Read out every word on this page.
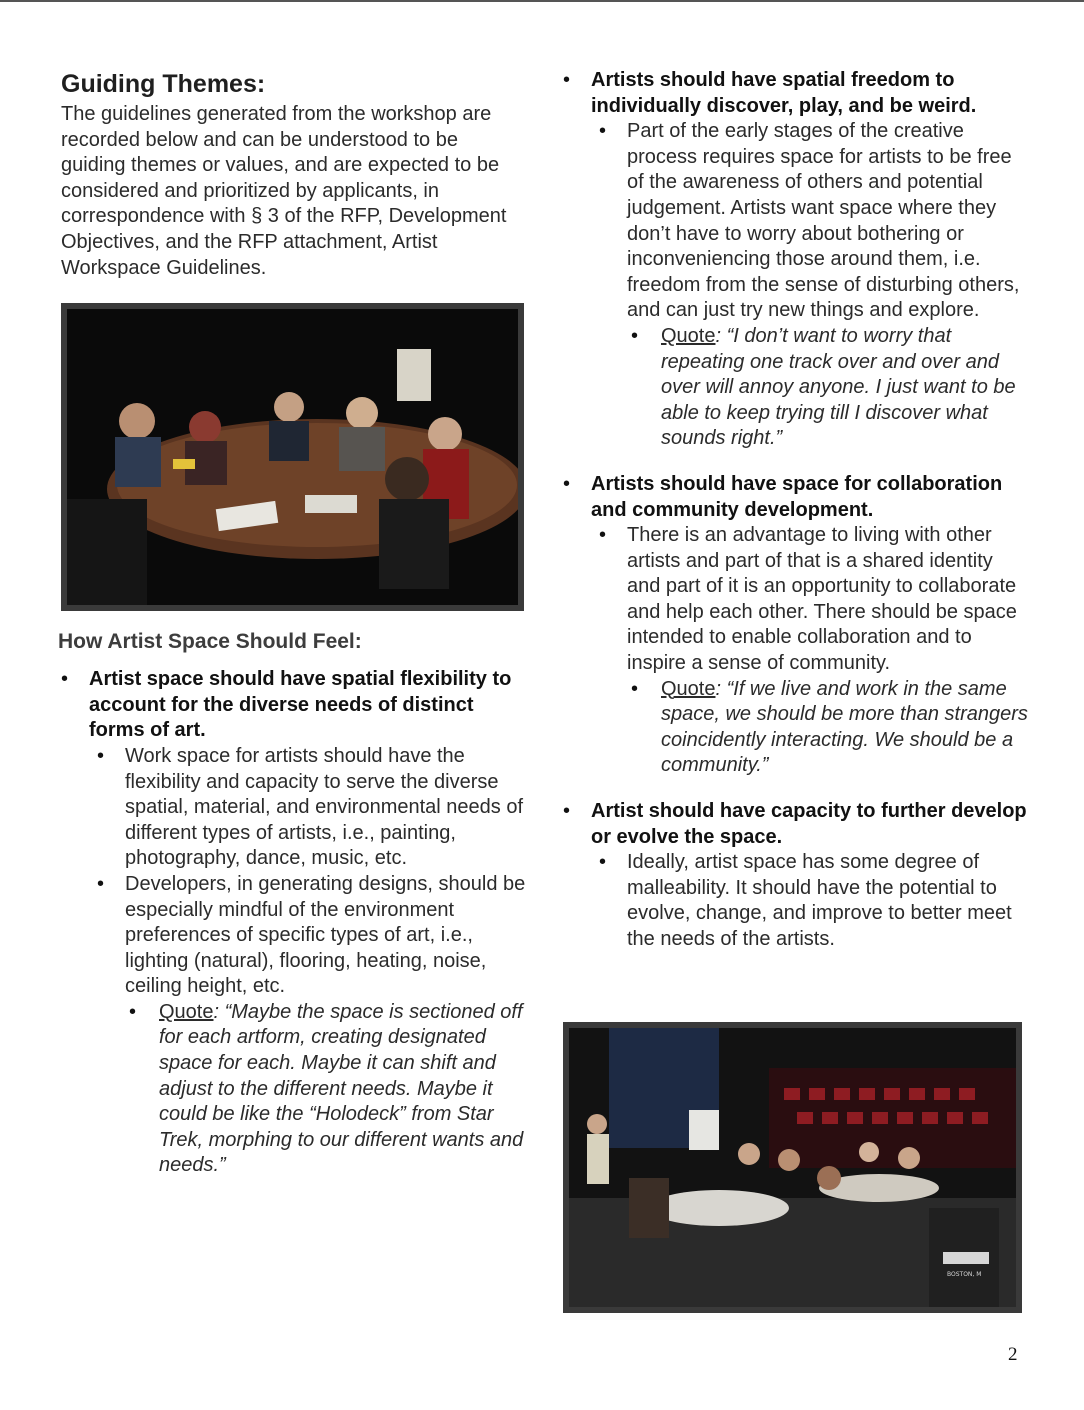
Guiding Themes:

The guidelines generated from the workshop are recorded below and can be understood to be guiding themes or values, and are expected to be considered and prioritized by applicants, in correspondence with § 3 of the RFP, Development Objectives, and the RFP attachment, Artist Workspace Guidelines.

How Artist Space Should Feel:
• Artist space should have spatial flexibility to account for the diverse needs of distinct forms of art.
• Work space for artists should have the flexibility and capacity to serve the diverse spatial, material, and environmental needs of different types of artists, i.e., painting, photography, dance, music, etc.
• Developers, in generating designs, should be especially mindful of the environment preferences of specific types of art, i.e., lighting (natural), flooring, heating, noise, ceiling height, etc.
• Quote: “Maybe the space is sectioned off for each artform, creating designated space for each. Maybe it can shift and adjust to the different needs. Maybe it could be like the “Holodeck” from Star Trek, morphing to our different wants and needs.”
• Artists should have spatial freedom to individually discover, play, and be weird.
• Part of the early stages of the creative process requires space for artists to be free of the awareness of others and potential judgement. Artists want space where they don’t have to worry about bothering or inconveniencing those around them, i.e. freedom from the sense of disturbing others, and can just try new things and explore.
• Quote: “I don’t want to worry that repeating one track over and over and over will annoy anyone. I just want to be able to keep trying till I discover what sounds right.”
• Artists should have space for collaboration and community development.
• There is an advantage to living with other artists and part of that is a shared identity and part of it is an opportunity to collaborate and help each other. There should be space intended to enable collaboration and to inspire a sense of community.
• Quote: “If we live and work in the same space, we should be more than strangers coincidently interacting. We should be a community.”
• Artist should have capacity to further develop or evolve the space.
• Ideally, artist space has some degree of malleability. It should have the potential to evolve, change, and improve to better meet the needs of the artists.
BOSTON, M
2
